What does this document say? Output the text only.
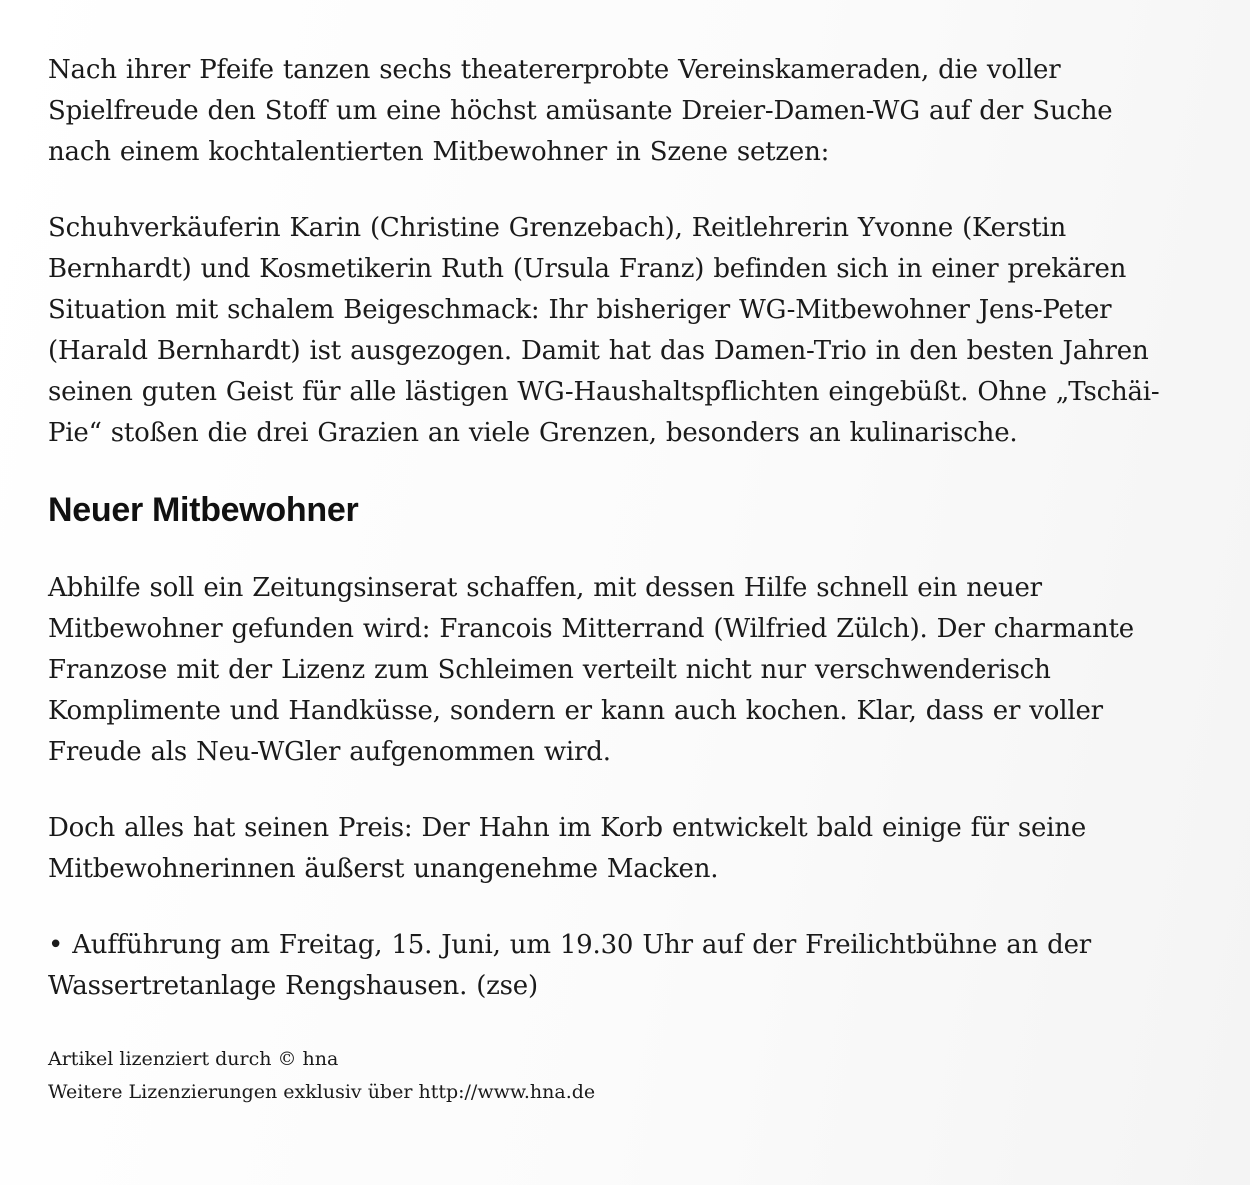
Nach ihrer Pfeife tanzen sechs theatererprobte Vereinskameraden, die voller
Spielfreude den Stoff um eine höchst amüsante Dreier-Damen-WG auf der Suche
nach einem kochtalentierten Mitbewohner in Szene setzen:

Schuhverkäuferin Karin (Christine Grenzebach), Reitlehrerin Yvonne (Kerstin
Bernhardt) und Kosmetikerin Ruth (Ursula Franz) befinden sich in einer prekären
Situation mit schalem Beigeschmack: Ihr bisheriger WG-Mitbewohner Jens-Peter
(Harald Bernhardt) ist ausgezogen. Damit hat das Damen-Trio in den besten Jahren
seinen guten Geist für alle lästigen WG-Haushaltspflichten eingebüßt. Ohne „Tschäi-
Pie“ stoßen die drei Grazien an viele Grenzen, besonders an kulinarische.

Neuer Mitbewohner

Abhilfe soll ein Zeitungsinserat schaffen, mit dessen Hilfe schnell ein neuer
Mitbewohner gefunden wird: Francois Mitterrand (Wilfried Zülch). Der charmante
Franzose mit der Lizenz zum Schleimen verteilt nicht nur verschwenderisch
Komplimente und Handküsse, sondern er kann auch kochen. Klar, dass er voller
Freude als Neu-WGler aufgenommen wird.

Doch alles hat seinen Preis: Der Hahn im Korb entwickelt bald einige für seine
Mitbewohnerinnen äußerst unangenehme Macken.

• Aufführung am Freitag, 15. Juni, um 19.30 Uhr auf der Freilichtbühne an der
Wassertretanlage Rengshausen. (zse)

Artikel lizenziert durch © hna
Weitere Lizenzierungen exklusiv über http://www.hna.de
